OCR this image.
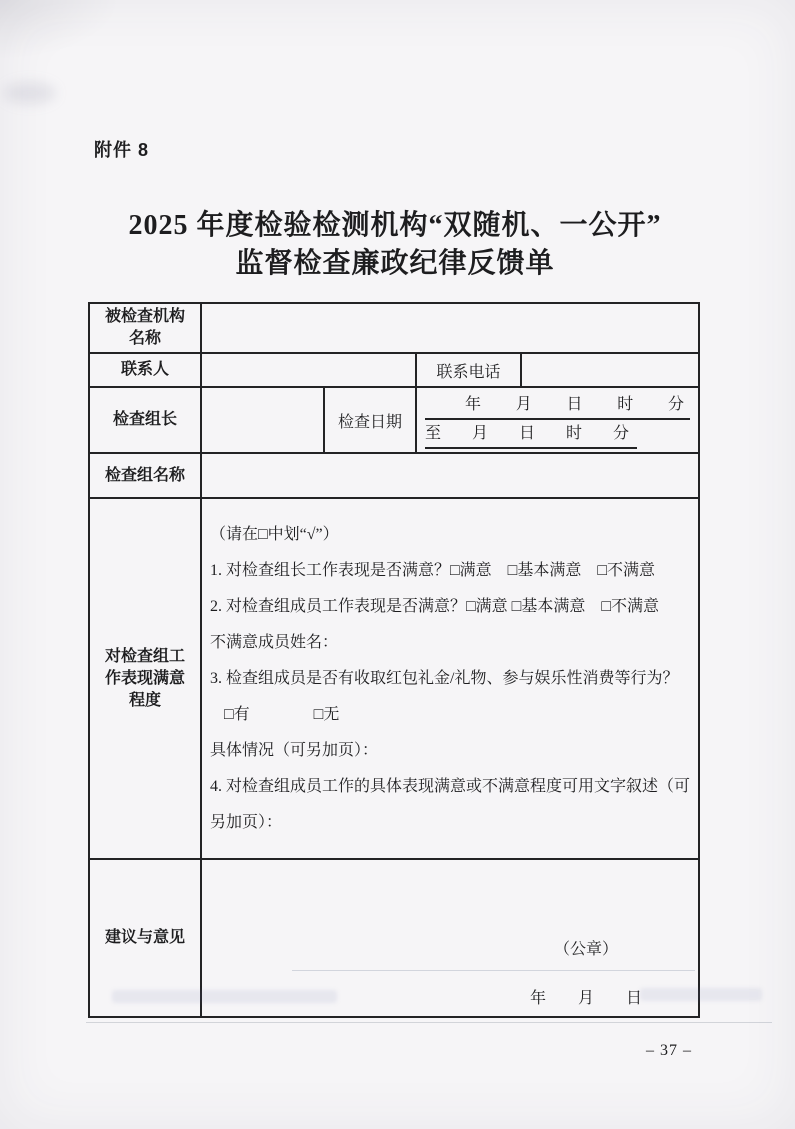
附件 8
2025 年度检验检测机构“双随机、一公开”
监督检查廉政纪律反馈单
被检查机构名称				
联系人			联系电话	
检查组长		检查日期	年　月　日　时　分
至　月　日　时　分	

检查组名称				
对检查组工作表现满意程度	

（请在□中划“√”）

1. 对检查组长工作表现是否满意？□满意　□基本满意　□不满意

2. 对检查组成员工作表现是否满意？□满意 □基本满意　□不满意

不满意成员姓名：

3. 检查组成员是否有收取红包礼金/礼物、参与娱乐性消费等行为？

□有　　　　□无

具体情况（可另加页）：

4. 对检查组成员工作的具体表现满意或不满意程度可用文字叙述（可另加页）：

建议与意见	（公章）
年　　月　　日			
– 37 –
